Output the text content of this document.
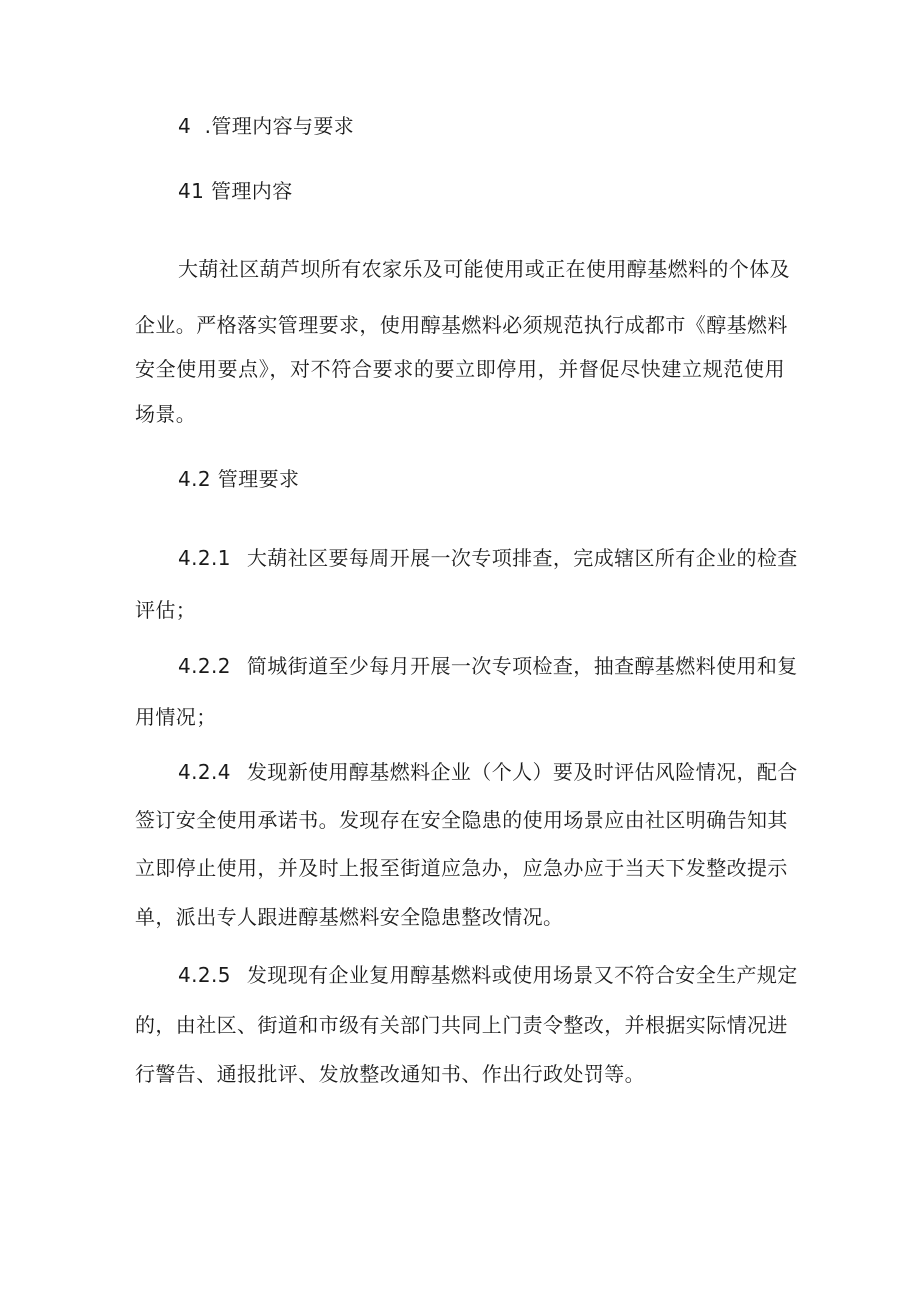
4  .管理内容与要求
41 管理内容
大葫社区葫芦坝所有农家乐及可能使用或正在使用醇基燃料的个体及
企业。严格落实管理要求，使用醇基燃料必须规范执行成都市《醇基燃料
安全使用要点》，对不符合要求的要立即停用，并督促尽快建立规范使用
场景。
4.2 管理要求
4.2.1 大葫社区要每周开展一次专项排查，完成辖区所有企业的检查
评估；
4.2.2 简城街道至少每月开展一次专项检查，抽查醇基燃料使用和复
用情况；
4.2.4 发现新使用醇基燃料企业（个人）要及时评估风险情况，配合
签订安全使用承诺书。发现存在安全隐患的使用场景应由社区明确告知其
立即停止使用，并及时上报至街道应急办，应急办应于当天下发整改提示
单，派出专人跟进醇基燃料安全隐患整改情况。
4.2.5 发现现有企业复用醇基燃料或使用场景又不符合安全生产规定
的，由社区、街道和市级有关部门共同上门责令整改，并根据实际情况进
行警告、通报批评、发放整改通知书、作出行政处罚等。
